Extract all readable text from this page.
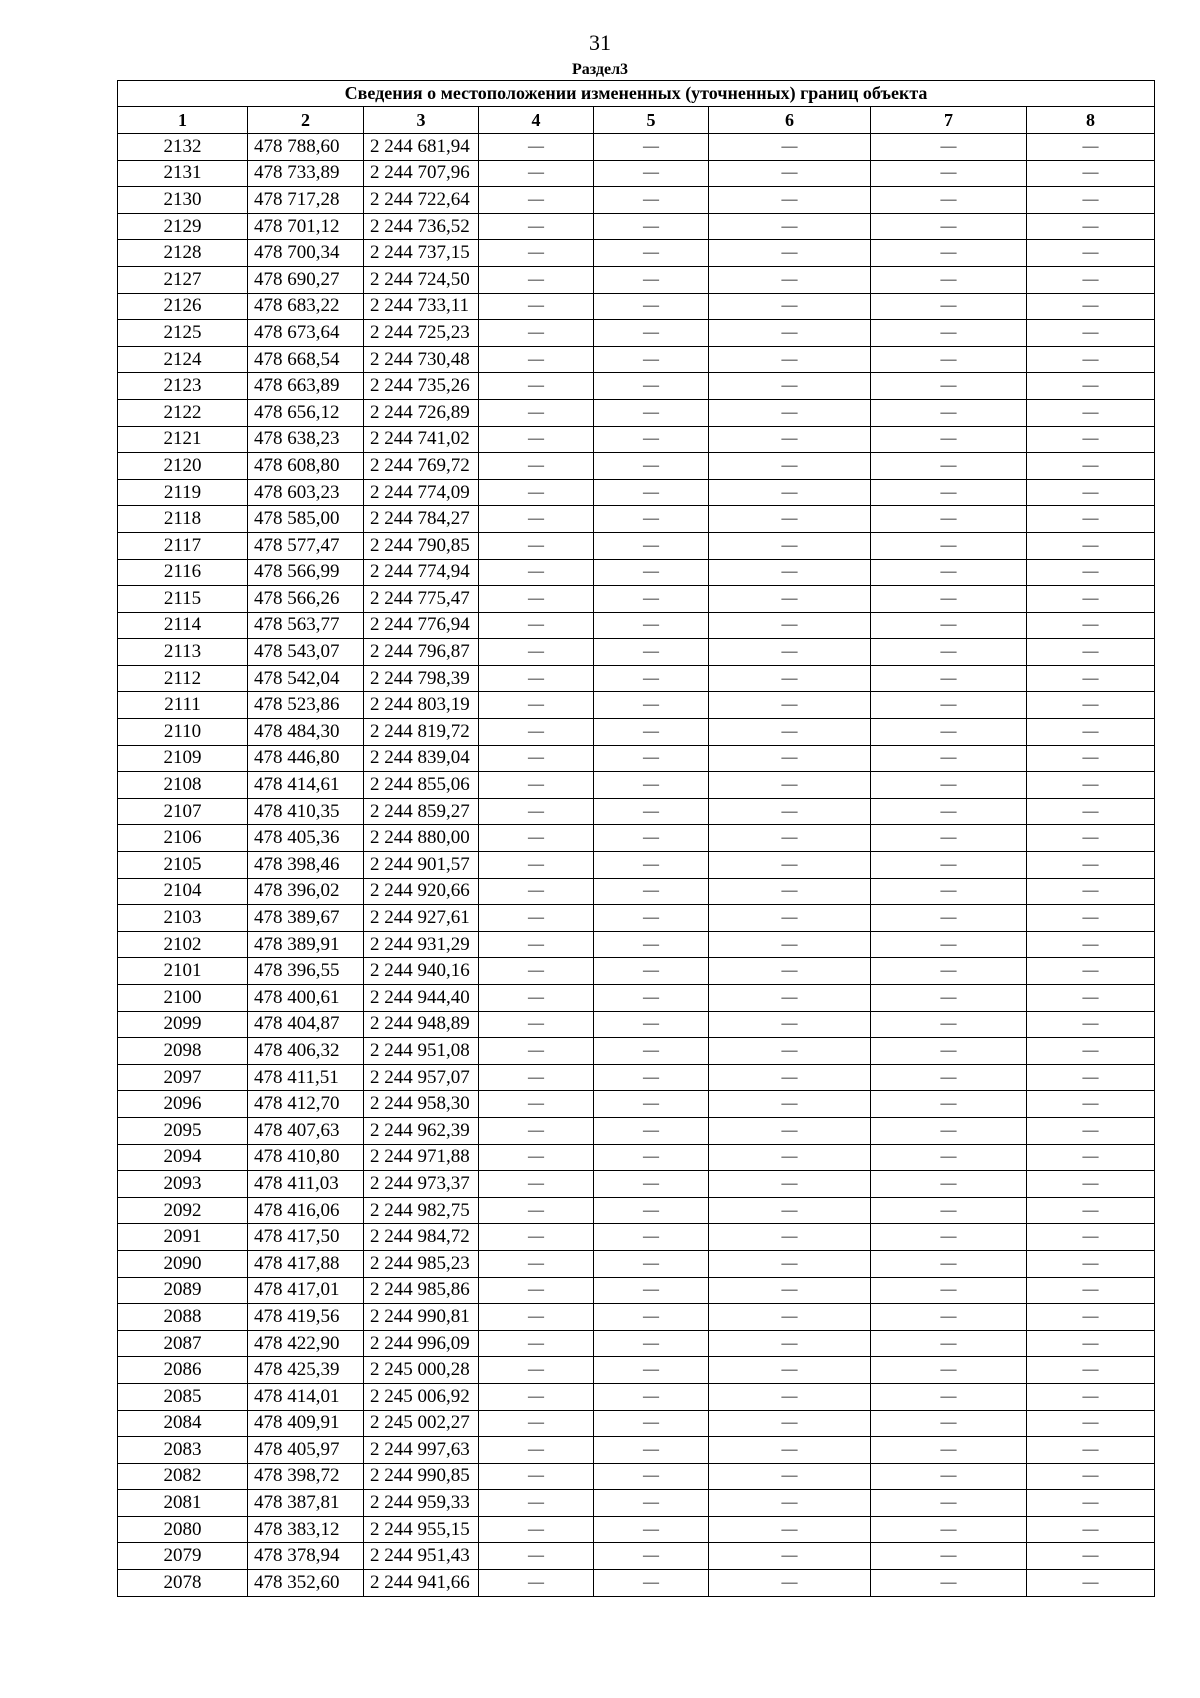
31
Раздел3
Сведения о местоположении измененных (уточненных) границ объекта							
1	2	3	4	5	6	7	8
2132	478 788,60	2 244 681,94	—	—	—	—	—
2131	478 733,89	2 244 707,96	—	—	—	—	—
2130	478 717,28	2 244 722,64	—	—	—	—	—
2129	478 701,12	2 244 736,52	—	—	—	—	—
2128	478 700,34	2 244 737,15	—	—	—	—	—
2127	478 690,27	2 244 724,50	—	—	—	—	—
2126	478 683,22	2 244 733,11	—	—	—	—	—
2125	478 673,64	2 244 725,23	—	—	—	—	—
2124	478 668,54	2 244 730,48	—	—	—	—	—
2123	478 663,89	2 244 735,26	—	—	—	—	—
2122	478 656,12	2 244 726,89	—	—	—	—	—
2121	478 638,23	2 244 741,02	—	—	—	—	—
2120	478 608,80	2 244 769,72	—	—	—	—	—
2119	478 603,23	2 244 774,09	—	—	—	—	—
2118	478 585,00	2 244 784,27	—	—	—	—	—
2117	478 577,47	2 244 790,85	—	—	—	—	—
2116	478 566,99	2 244 774,94	—	—	—	—	—
2115	478 566,26	2 244 775,47	—	—	—	—	—
2114	478 563,77	2 244 776,94	—	—	—	—	—
2113	478 543,07	2 244 796,87	—	—	—	—	—
2112	478 542,04	2 244 798,39	—	—	—	—	—
2111	478 523,86	2 244 803,19	—	—	—	—	—
2110	478 484,30	2 244 819,72	—	—	—	—	—
2109	478 446,80	2 244 839,04	—	—	—	—	—
2108	478 414,61	2 244 855,06	—	—	—	—	—
2107	478 410,35	2 244 859,27	—	—	—	—	—
2106	478 405,36	2 244 880,00	—	—	—	—	—
2105	478 398,46	2 244 901,57	—	—	—	—	—
2104	478 396,02	2 244 920,66	—	—	—	—	—
2103	478 389,67	2 244 927,61	—	—	—	—	—
2102	478 389,91	2 244 931,29	—	—	—	—	—
2101	478 396,55	2 244 940,16	—	—	—	—	—
2100	478 400,61	2 244 944,40	—	—	—	—	—
2099	478 404,87	2 244 948,89	—	—	—	—	—
2098	478 406,32	2 244 951,08	—	—	—	—	—
2097	478 411,51	2 244 957,07	—	—	—	—	—
2096	478 412,70	2 244 958,30	—	—	—	—	—
2095	478 407,63	2 244 962,39	—	—	—	—	—
2094	478 410,80	2 244 971,88	—	—	—	—	—
2093	478 411,03	2 244 973,37	—	—	—	—	—
2092	478 416,06	2 244 982,75	—	—	—	—	—
2091	478 417,50	2 244 984,72	—	—	—	—	—
2090	478 417,88	2 244 985,23	—	—	—	—	—
2089	478 417,01	2 244 985,86	—	—	—	—	—
2088	478 419,56	2 244 990,81	—	—	—	—	—
2087	478 422,90	2 244 996,09	—	—	—	—	—
2086	478 425,39	2 245 000,28	—	—	—	—	—
2085	478 414,01	2 245 006,92	—	—	—	—	—
2084	478 409,91	2 245 002,27	—	—	—	—	—
2083	478 405,97	2 244 997,63	—	—	—	—	—
2082	478 398,72	2 244 990,85	—	—	—	—	—
2081	478 387,81	2 244 959,33	—	—	—	—	—
2080	478 383,12	2 244 955,15	—	—	—	—	—
2079	478 378,94	2 244 951,43	—	—	—	—	—
2078	478 352,60	2 244 941,66	—	—	—	—	—
